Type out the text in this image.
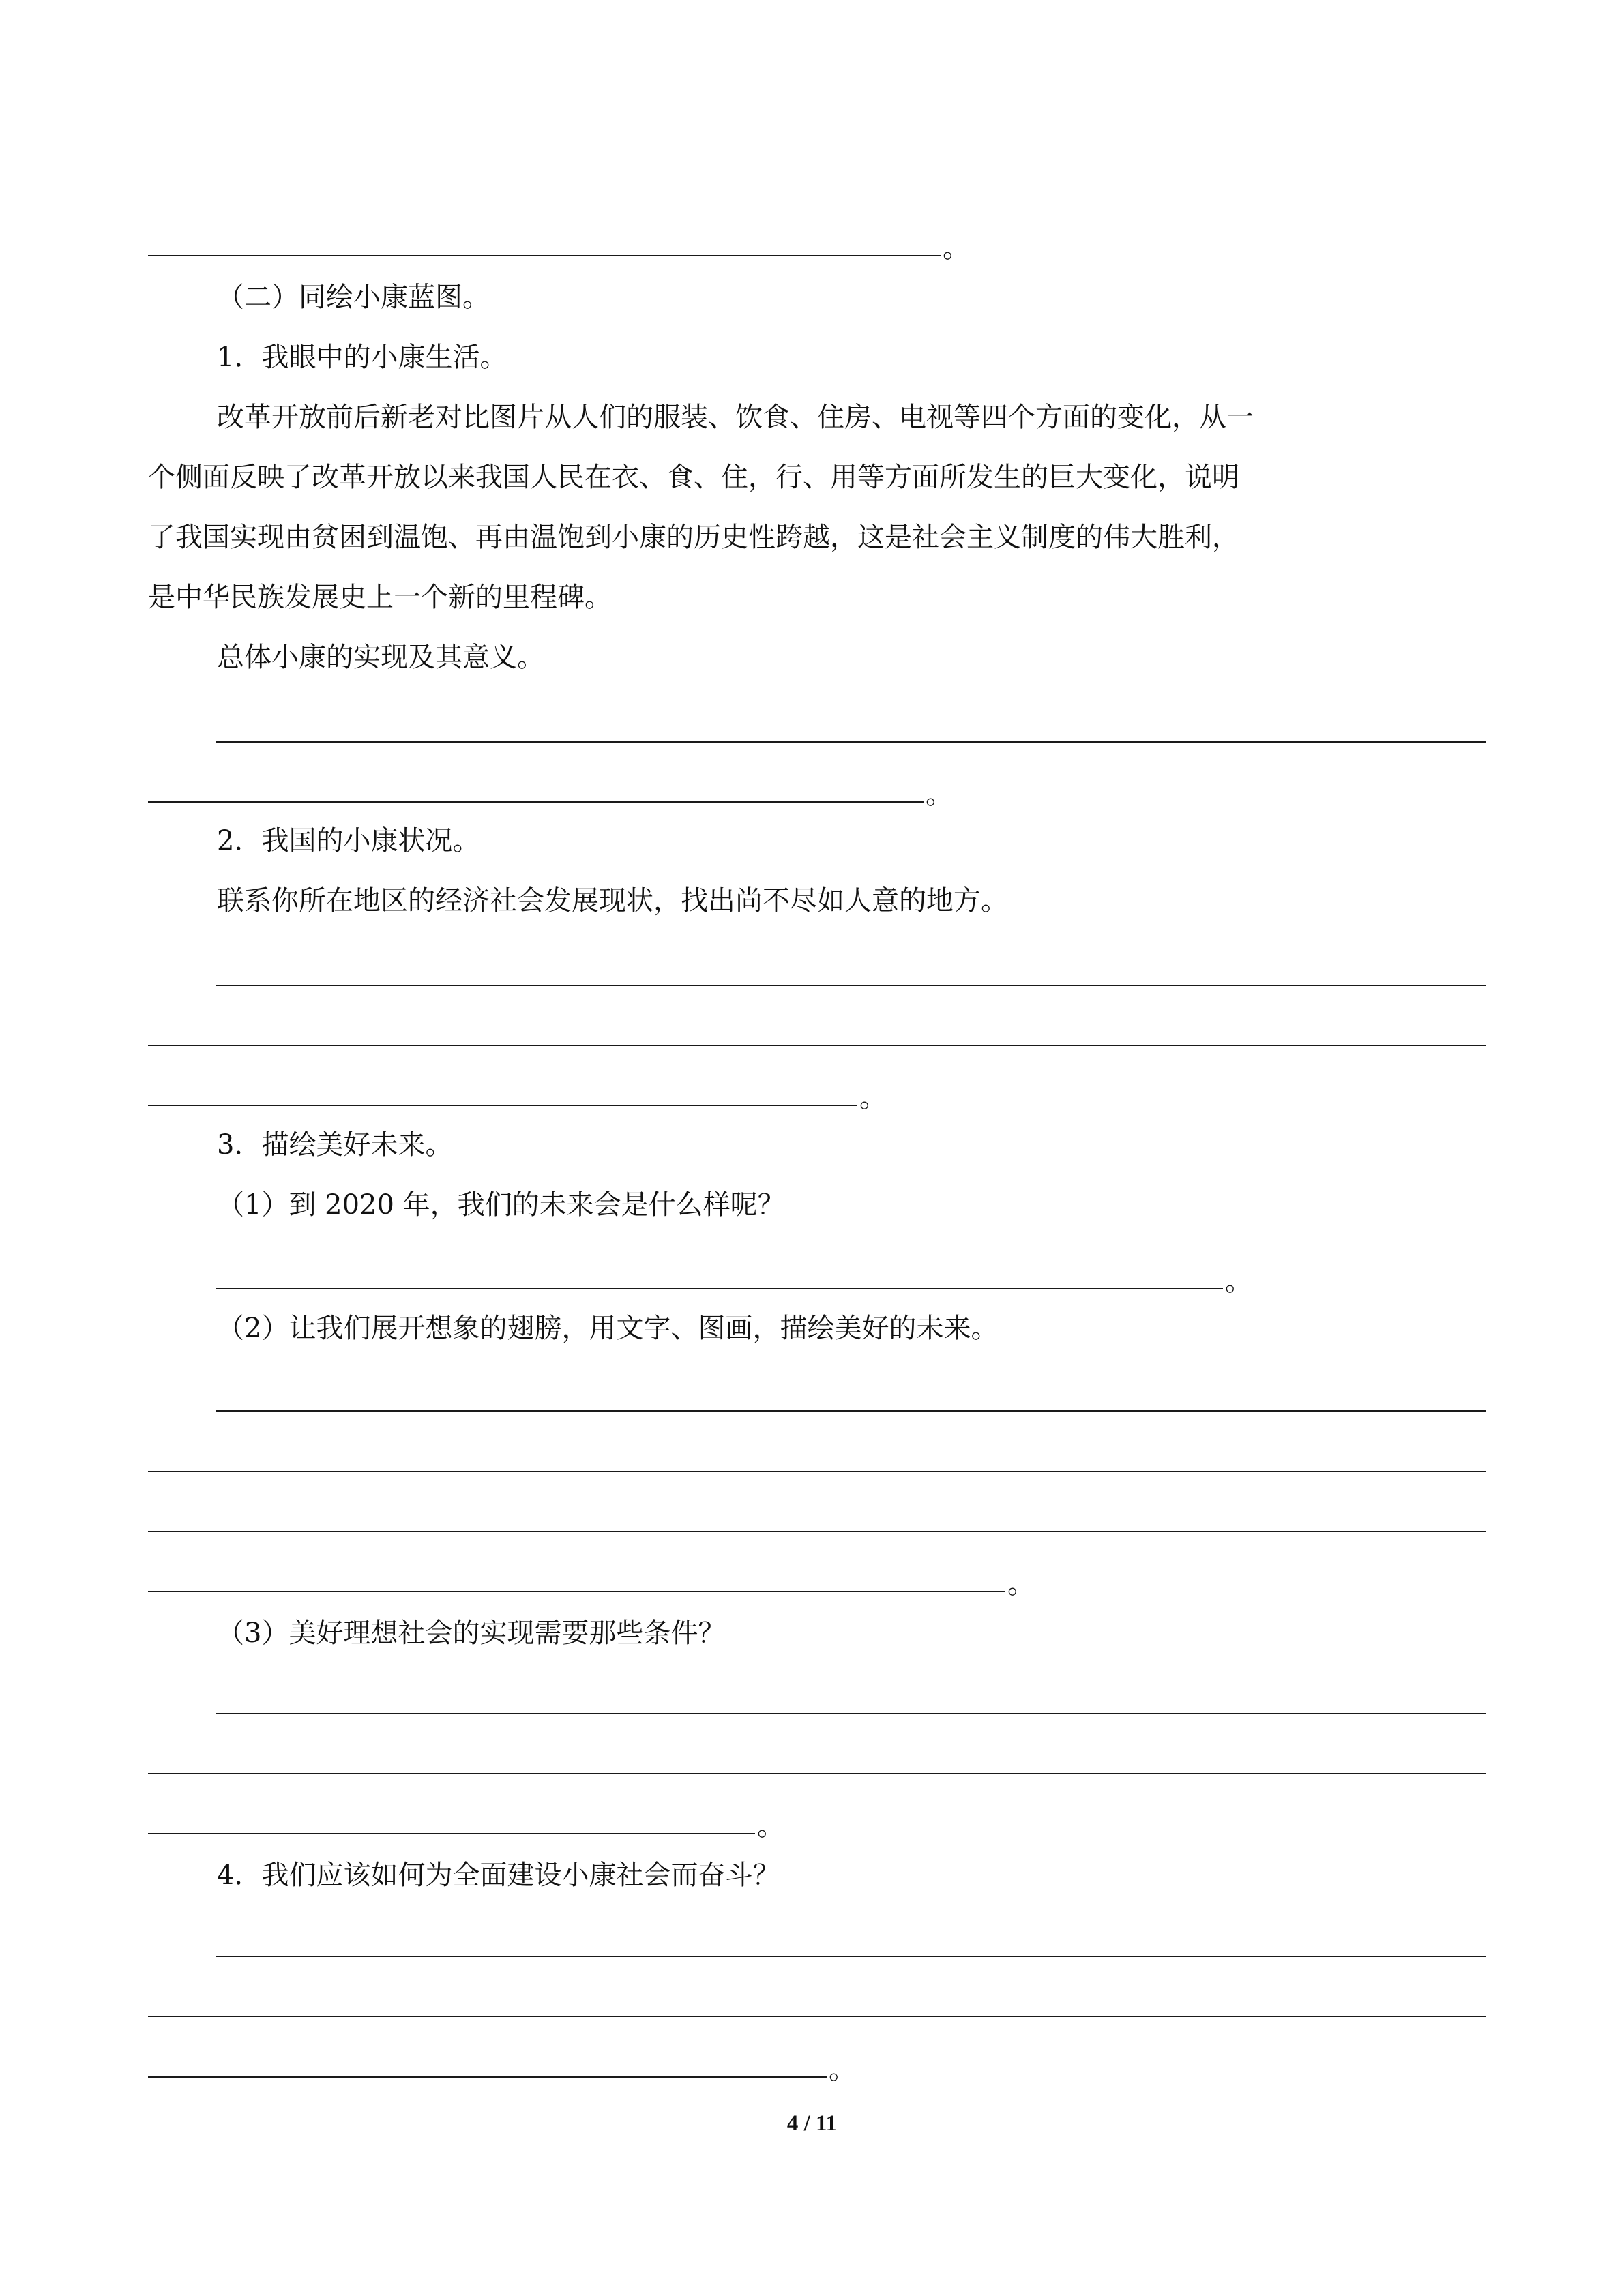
。

（二）同绘小康蓝图。

1．我眼中的小康生活。

改革开放前后新老对比图片从人们的服装、饮食、住房、电视等四个方面的变化，从一

个侧面反映了改革开放以来我国人民在衣、食、住，行、用等方面所发生的巨大变化，说明

了我国实现由贫困到温饱、再由温饱到小康的历史性跨越，这是社会主义制度的伟大胜利，

是中华民族发展史上一个新的里程碑。

总体小康的实现及其意义。

。

2．我国的小康状况。

联系你所在地区的经济社会发展现状，找出尚不尽如人意的地方。

。

3．描绘美好未来。

（1）到 2020 年，我们的未来会是什么样呢？

。

（2）让我们展开想象的翅膀，用文字、图画，描绘美好的未来。

。

（3）美好理想社会的实现需要那些条件？

。

4．我们应该如何为全面建设小康社会而奋斗？

。
4 / 11
